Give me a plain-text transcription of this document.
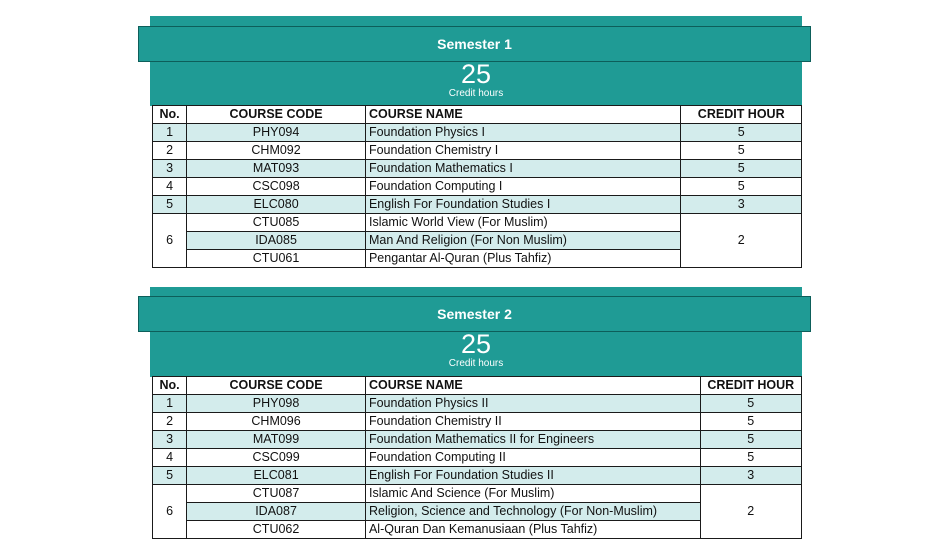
Semester 1
25
Credit hours
No.	COURSE CODE	COURSE NAME	CREDIT HOUR
1	PHY094	Foundation Physics I	5
2	CHM092	Foundation Chemistry I	5
3	MAT093	Foundation Mathematics I	5
4	CSC098	Foundation Computing I	5
5	ELC080	English For Foundation Studies I	3
6	CTU085	Islamic World View (For Muslim)	2
	IDA085	Man And Religion (For Non Muslim)	
	CTU061	Pengantar Al-Quran (Plus Tahfiz)	
Semester 2
25
Credit hours
No.	COURSE CODE	COURSE NAME	CREDIT HOUR
1	PHY098	Foundation Physics II	5
2	CHM096	Foundation Chemistry II	5
3	MAT099	Foundation Mathematics II for Engineers	5
4	CSC099	Foundation Computing II	5
5	ELC081	English For Foundation Studies II	3
6	CTU087	Islamic And Science (For Muslim)	2
	IDA087	Religion, Science and Technology (For Non-Muslim)	
	CTU062	Al-Quran Dan Kemanusiaan (Plus Tahfiz)	
